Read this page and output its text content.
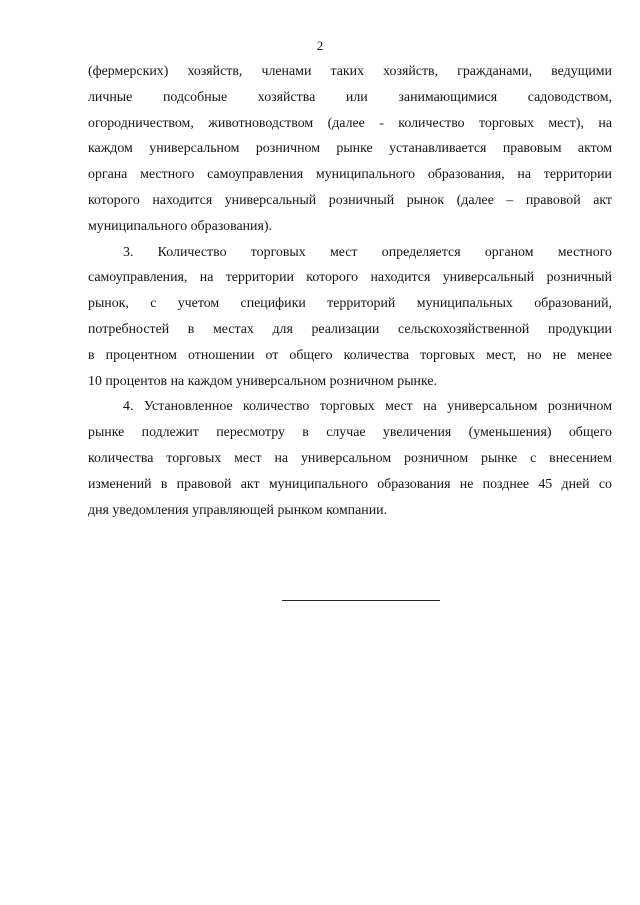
2

(фермерских) хозяйств, членами таких хозяйств, гражданами, ведущими
личные подсобные хозяйства или занимающимися садоводством,
огородничеством, животноводством (далее - количество торговых мест), на
каждом универсальном розничном рынке устанавливается правовым актом
органа местного самоуправления муниципального образования, на территории
которого находится универсальный розничный рынок (далее – правовой акт
муниципального образования).

3. Количество торговых мест определяется органом местного
самоуправления, на территории которого находится универсальный розничный
рынок, с учетом специфики территорий муниципальных образований,
потребностей в местах для реализации сельскохозяйственной продукции
в процентном отношении от общего количества торговых мест, но не менее
10 процентов на каждом универсальном розничном рынке.

4. Установленное количество торговых мест на универсальном розничном
рынке подлежит пересмотру в случае увеличения (уменьшения) общего
количества торговых мест на универсальном розничном рынке с внесением
изменений в правовой акт муниципального образования не позднее 45 дней со
дня уведомления управляющей рынком компании.
